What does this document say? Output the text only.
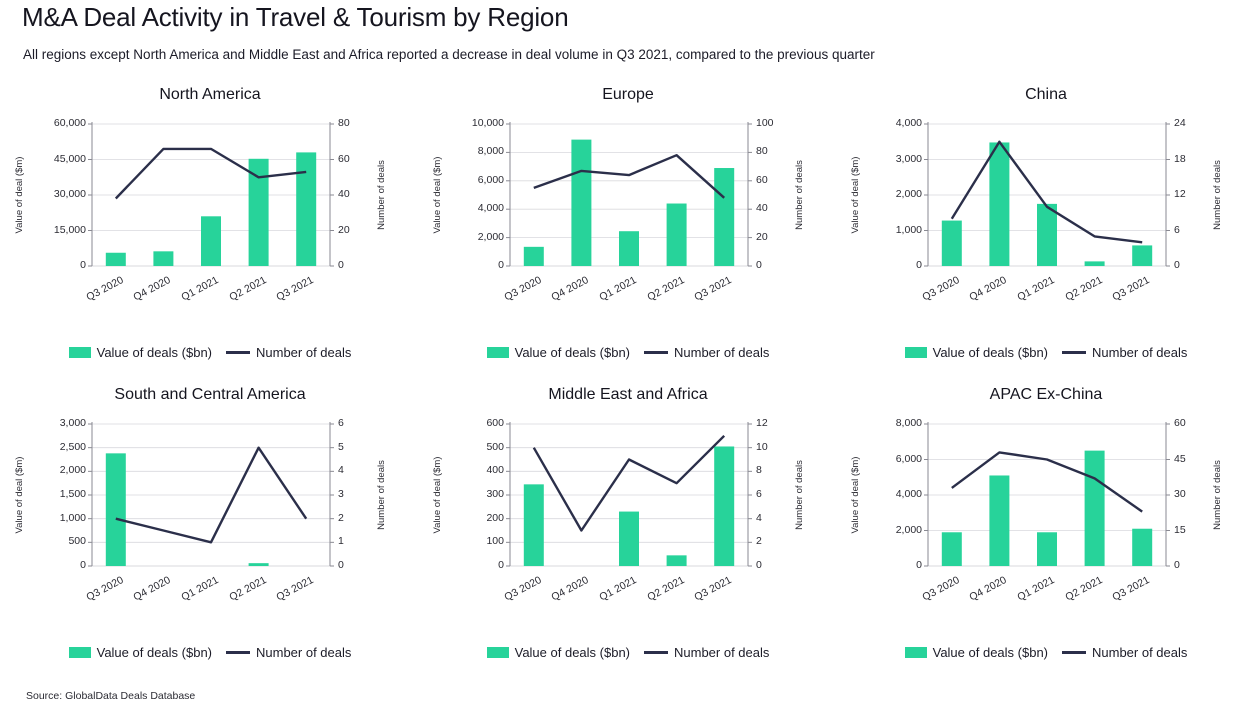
M&A Deal Activity in Travel & Tourism by Region
All regions except North America and Middle East and Africa reported a decrease in deal volume in Q3 2021, compared to the previous quarter
North America
0
15,000
30,000
45,000
60,000
0
20
40
60
80
Value of deal ($m)	Number of deals
Q3 2020 Q4 2020 Q1 2021 Q2 2021 Q3 2021
Value of deals ($bn)	Number of deals
Europe
0
2,000
4,000
6,000
8,000
10,000
0
20
40
60
80
100
Value of deal ($m)	Number of deals
Q3 2020 Q4 2020 Q1 2021 Q2 2021 Q3 2021
Value of deals ($bn)	Number of deals
China
0
1,000
2,000
3,000
4,000
0
6
12
18
24
Value of deal ($m)	Number of deals
Q3 2020 Q4 2020 Q1 2021 Q2 2021 Q3 2021
Value of deals ($bn)	Number of deals
South and Central America
0
500
1,000
1,500
2,000
2,500
3,000
0
1
2
3
4
5
6
Value of deal ($m)	Number of deals
Q3 2020 Q4 2020 Q1 2021 Q2 2021 Q3 2021
Value of deals ($bn)	Number of deals
Middle East and Africa
0
100
200
300
400
500
600
0
2
4
6
8
10
12
Value of deal ($m)	Number of deals
Q3 2020 Q4 2020 Q1 2021 Q2 2021 Q3 2021
Value of deals ($bn)	Number of deals
APAC Ex-China
0
2,000
4,000
6,000
8,000
0
15
30
45
60
Value of deal ($m)	Number of deals
Q3 2020 Q4 2020 Q1 2021 Q2 2021 Q3 2021
Value of deals ($bn)	Number of deals
Source: GlobalData Deals Database
